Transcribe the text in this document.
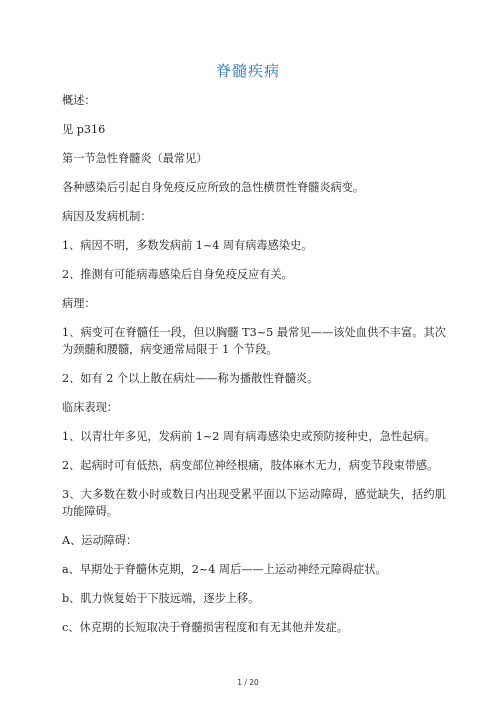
脊髓疾病

概述：

见 p316

第一节急性脊髓炎（最常见）

各种感染后引起自身免疫反应所致的急性横贯性脊髓炎病变。

病因及发病机制：

1、病因不明，多数发病前 1~4 周有病毒感染史。

2、推测有可能病毒感染后自身免疫反应有关。

病理：

1、病变可在脊髓任一段，但以胸髓 T3~5 最常见——该处血供不丰富。其次为颈髓和腰髓，病变通常局限于 1 个节段。

2、如有 2 个以上散在病灶——称为播散性脊髓炎。

临床表现：

1、以青壮年多见，发病前 1~2 周有病毒感染史或预防接种史，急性起病。

2、起病时可有低热，病变部位神经根痛，肢体麻木无力，病变节段束带感。

3、大多数在数小时或数日内出现受累平面以下运动障碍，感觉缺失，括约肌功能障碍。

A、运动障碍：

a、早期处于脊髓休克期，2~4 周后——上运动神经元障碍症状。

b、肌力恢复始于下肢远端，逐步上移。

c、休克期的长短取决于脊髓损害程度和有无其他并发症。

1 / 20
